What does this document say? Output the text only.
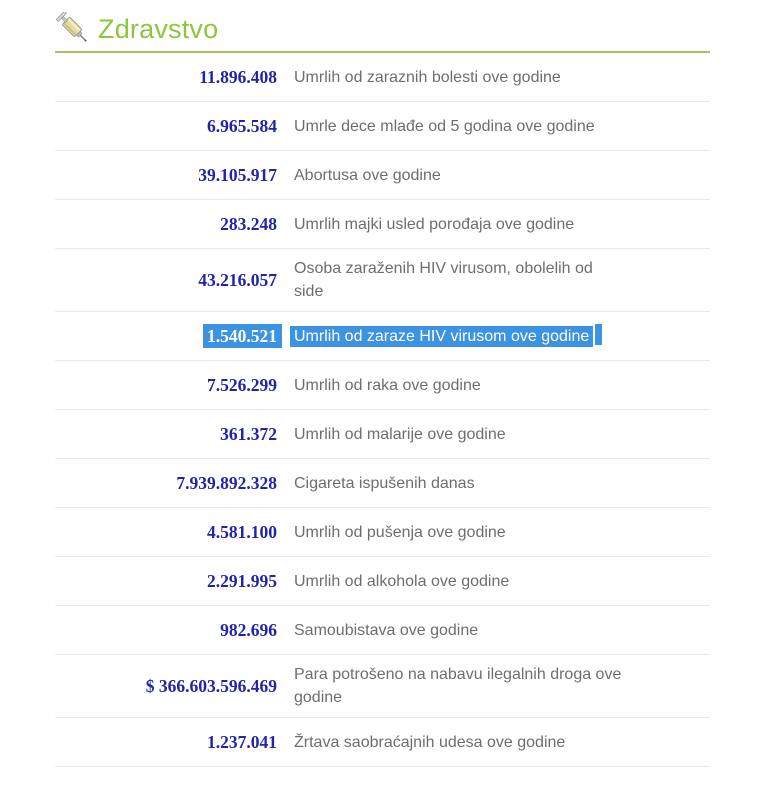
Zdravstvo
11.896.408 Umrlih od zaraznih bolesti ove godine
6.965.584 Umrle dece mlađe od 5 godina ove godine
39.105.917 Abortusa ove godine
283.248 Umrlih majki usled porođaja ove godine
43.216.057
Osoba zaraženih HIV virusom, obolelih od side
1.540.521 Umrlih od zaraze HIV virusom ove godine
7.526.299 Umrlih od raka ove godine
361.372 Umrlih od malarije ove godine
7.939.892.328 Cigareta ispušenih danas
4.581.100 Umrlih od pušenja ove godine
2.291.995 Umrlih od alkohola ove godine
982.696 Samoubistava ove godine
$ 366.603.596.469
Para potrošeno na nabavu ilegalnih droga ove godine
1.237.041 Žrtava saobraćajnih udesa ove godine
